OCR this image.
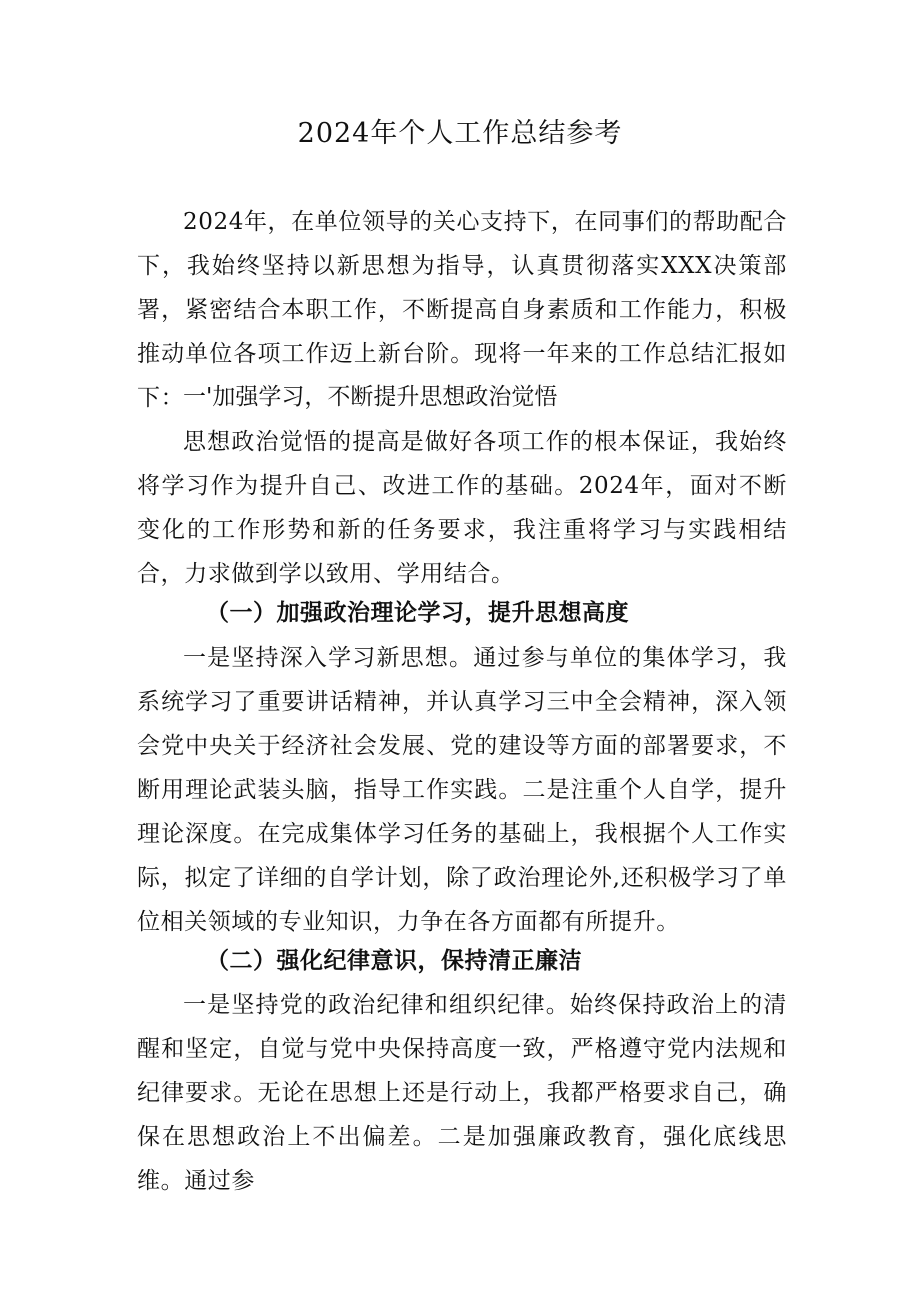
2024年个人工作总结参考

2024年，在单位领导的关心支持下，在同事们的帮助配合下，我始终坚持以新思想为指导，认真贯彻落实XXX决策部署，紧密结合本职工作，不断提高自身素质和工作能力，积极推动单位各项工作迈上新台阶。现将一年来的工作总结汇报如下：

一'加强学习，不断提升思想政治觉悟

思想政治觉悟的提高是做好各项工作的根本保证，我始终将学习作为提升自己、改进工作的基础。2024年，面对不断变化的工作形势和新的任务要求，我注重将学习与实践相结合，力求做到学以致用、学用结合。

（一）加强政治理论学习，提升思想高度

一是坚持深入学习新思想。通过参与单位的集体学习，我系统学习了重要讲话精神，并认真学习三中全会精神，深入领会党中央关于经济社会发展、党的建设等方面的部署要求，不断用理论武装头脑，指导工作实践。二是注重个人自学，提升理论深度。在完成集体学习任务的基础上，我根据个人工作实际，拟定了详细的自学计划，除了政治理论外,还积极学习了单位相关领域的专业知识，力争在各方面都有所提升。

（二）强化纪律意识，保持清正廉洁

一是坚持党的政治纪律和组织纪律。始终保持政治上的清醒和坚定，自觉与党中央保持高度一致，严格遵守党内法规和纪律要求。无论在思想上还是行动上，我都严格要求自己，确保在思想政治上不出偏差。二是加强廉政教育，强化底线思维。通过参
